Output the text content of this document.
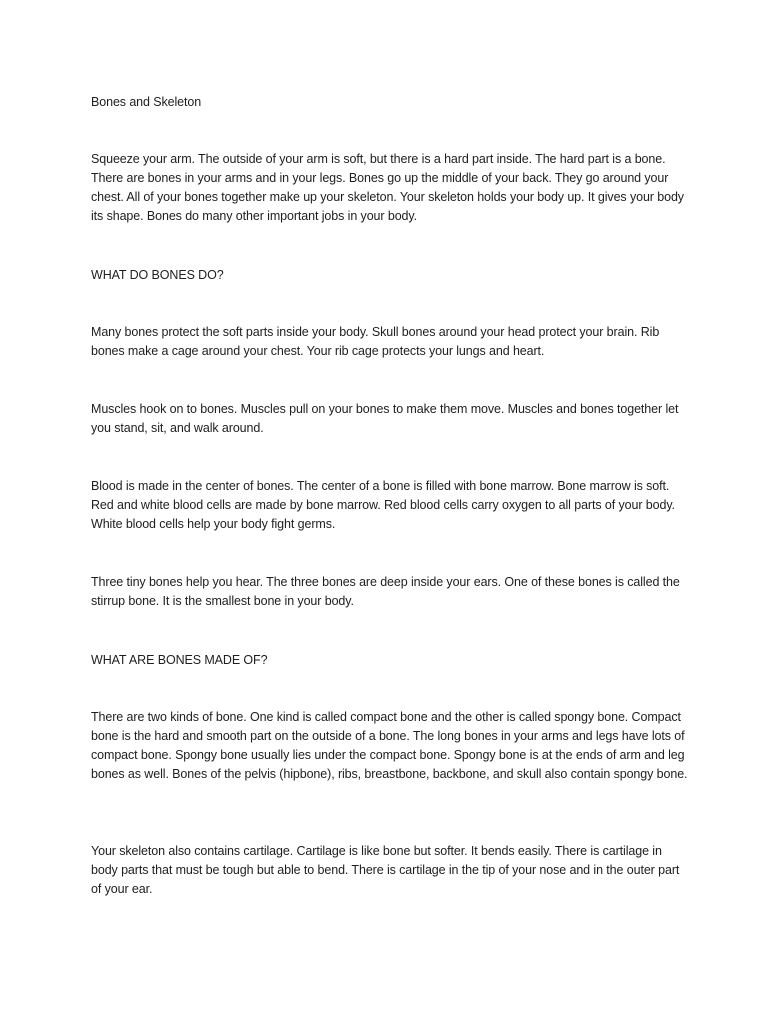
Bones and Skeleton

Squeeze your arm. The outside of your arm is soft, but there is a hard part inside. The hard part is a bone. There are bones in your arms and in your legs. Bones go up the middle of your back. They go around your chest. All of your bones together make up your skeleton. Your skeleton holds your body up. It gives your body its shape. Bones do many other important jobs in your body.

WHAT DO BONES DO?

Many bones protect the soft parts inside your body. Skull bones around your head protect your brain. Rib bones make a cage around your chest. Your rib cage protects your lungs and heart.

Muscles hook on to bones. Muscles pull on your bones to make them move. Muscles and bones together let you stand, sit, and walk around.

Blood is made in the center of bones. The center of a bone is filled with bone marrow. Bone marrow is soft. Red and white blood cells are made by bone marrow. Red blood cells carry oxygen to all parts of your body. White blood cells help your body fight germs.

Three tiny bones help you hear. The three bones are deep inside your ears. One of these bones is called the stirrup bone. It is the smallest bone in your body.

WHAT ARE BONES MADE OF?

There are two kinds of bone. One kind is called compact bone and the other is called spongy bone. Compact bone is the hard and smooth part on the outside of a bone. The long bones in your arms and legs have lots of compact bone. Spongy bone usually lies under the compact bone. Spongy bone is at the ends of arm and leg bones as well. Bones of the pelvis (hipbone), ribs, breastbone, backbone, and skull also contain spongy bone.

Your skeleton also contains cartilage. Cartilage is like bone but softer. It bends easily. There is cartilage in body parts that must be tough but able to bend. There is cartilage in the tip of your nose and in the outer part of your ear.
